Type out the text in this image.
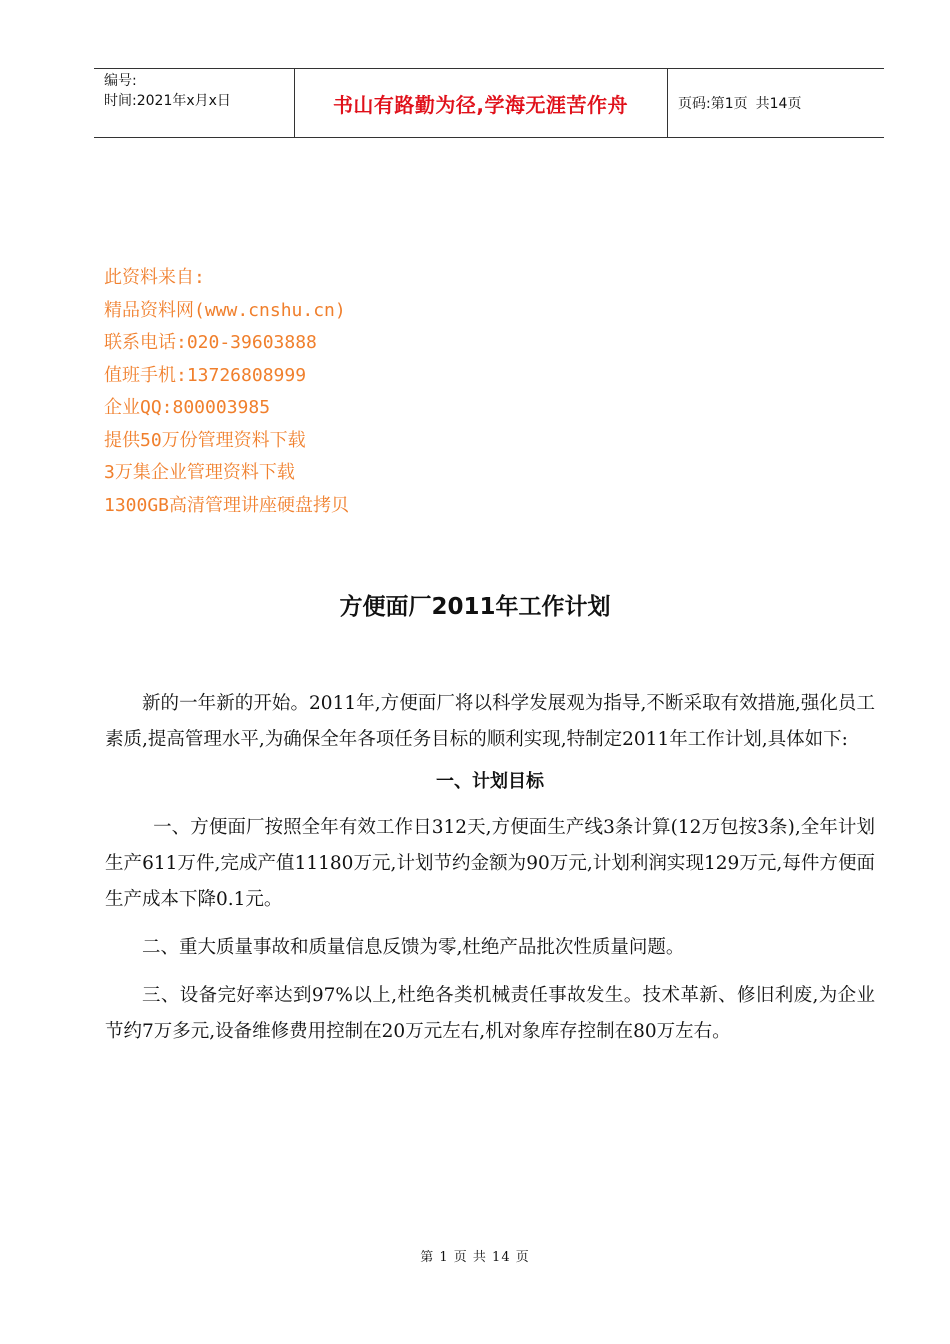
编号:
时间:2021年x月x日	书山有路勤为径,学海无涯苦作舟	页码:第1页 共14页
此资料来自:
精品资料网(www.cnshu.cn)
联系电话:020-39603888
值班手机:13726808999
企业QQ:800003985
提供50万份管理资料下载
3万集企业管理资料下载
1300GB高清管理讲座硬盘拷贝
方便面厂2011年工作计划

新的一年新的开始。2011年,方便面厂将以科学发展观为指导,不断采取有效措施,强化员工素质,提高管理水平,为确保全年各项任务目标的顺利实现,特制定2011年工作计划,具体如下:

一、计划目标

一、方便面厂按照全年有效工作日312天,方便面生产线3条计算(12万包按3条),全年计划生产611万件,完成产值11180万元,计划节约金额为90万元,计划利润实现129万元,每件方便面生产成本下降0.1元。

二、重大质量事故和质量信息反馈为零,杜绝产品批次性质量问题。

三、设备完好率达到97%以上,杜绝各类机械责任事故发生。技术革新、修旧利废,为企业节约7万多元,设备维修费用控制在20万元左右,机对象库存控制在80万左右。

第 1 页 共 14 页
